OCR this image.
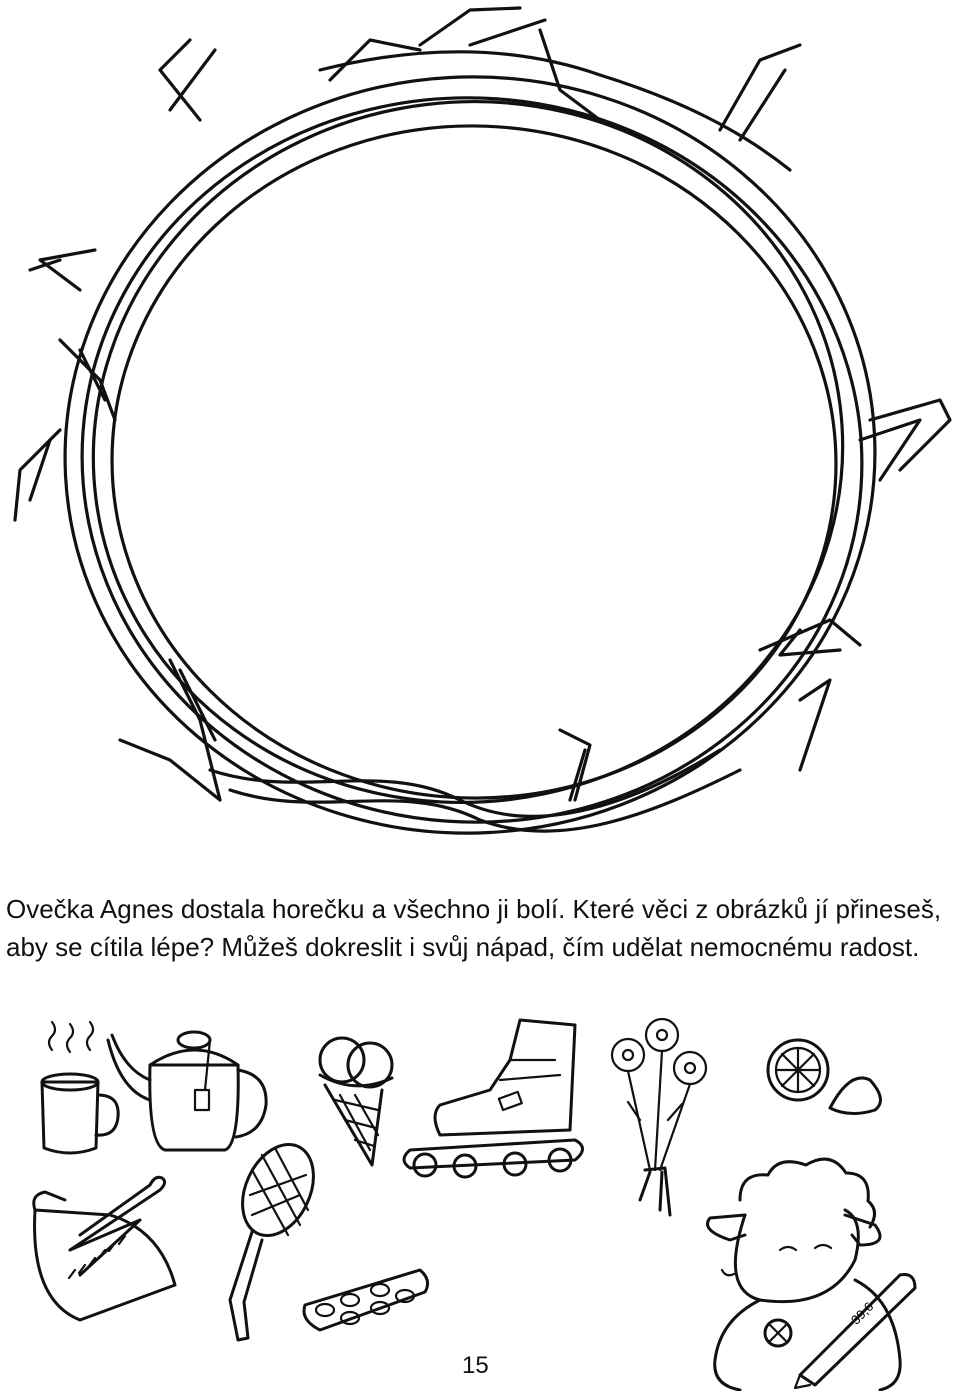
Ovečka Agnes dostala horečku a všechno ji bolí. Které věci z obrázků jí přineseš, aby se cítila lépe? Můžeš dokreslit i svůj nápad, čím udělat nemocnému radost.

39,6
15
